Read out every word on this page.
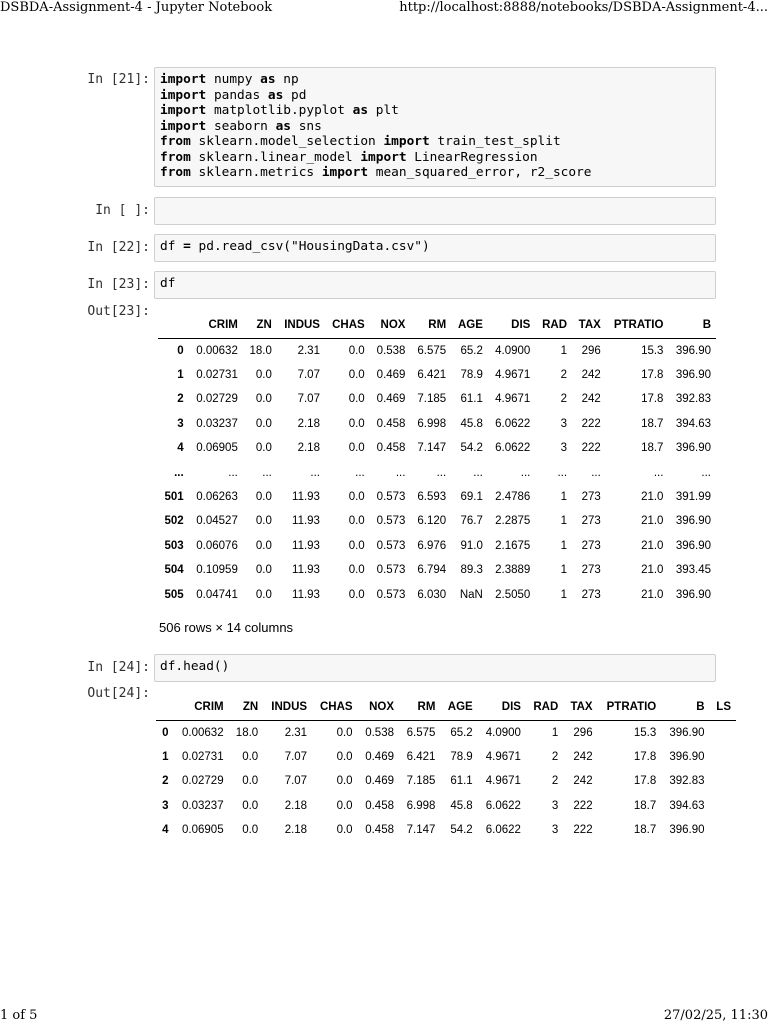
DSBDA-Assignment-4 - Jupyter Notebook	http://localhost:8888/notebooks/DSBDA-Assignment-4...
In [21]: import numpy as np
import pandas as pd
import matplotlib.pyplot as plt
import seaborn as sns
from sklearn.model_selection import train_test_split
from sklearn.linear_model import LinearRegression
from sklearn.metrics import mean_squared_error, r2_score
In [ ]:
In [22]: df = pd.read_csv("HousingData.csv")
In [23]: df
Out[23]:
	CRIM	ZN	INDUS	CHAS	NOX	RM	AGE	DIS	RAD	TAX	PTRATIO	B
0	0.00632	18.0	2.31	0.0	0.538	6.575	65.2	4.0900	1	296	15.3	396.90
1	0.02731	0.0	7.07	0.0	0.469	6.421	78.9	4.9671	2	242	17.8	396.90
2	0.02729	0.0	7.07	0.0	0.469	7.185	61.1	4.9671	2	242	17.8	392.83
3	0.03237	0.0	2.18	0.0	0.458	6.998	45.8	6.0622	3	222	18.7	394.63
4	0.06905	0.0	2.18	0.0	0.458	7.147	54.2	6.0622	3	222	18.7	396.90
...	...	...	...	...	...	...	...	...	...	...	...	...
501	0.06263	0.0	11.93	0.0	0.573	6.593	69.1	2.4786	1	273	21.0	391.99
502	0.04527	0.0	11.93	0.0	0.573	6.120	76.7	2.2875	1	273	21.0	396.90
503	0.06076	0.0	11.93	0.0	0.573	6.976	91.0	2.1675	1	273	21.0	396.90
504	0.10959	0.0	11.93	0.0	0.573	6.794	89.3	2.3889	1	273	21.0	393.45
505	0.04741	0.0	11.93	0.0	0.573	6.030	NaN	2.5050	1	273	21.0	396.90
506 rows × 14 columns
In [24]: df.head()
Out[24]:
	CRIM	ZN	INDUS	CHAS	NOX	RM	AGE	DIS	RAD	TAX	PTRATIO	B	LS
0	0.00632	18.0	2.31	0.0	0.538	6.575	65.2	4.0900	1	296	15.3	396.90	
1	0.02731	0.0	7.07	0.0	0.469	6.421	78.9	4.9671	2	242	17.8	396.90	
2	0.02729	0.0	7.07	0.0	0.469	7.185	61.1	4.9671	2	242	17.8	392.83	
3	0.03237	0.0	2.18	0.0	0.458	6.998	45.8	6.0622	3	222	18.7	394.63	
4	0.06905	0.0	2.18	0.0	0.458	7.147	54.2	6.0622	3	222	18.7	396.90	
1 of 5	27/02/25, 11:30
